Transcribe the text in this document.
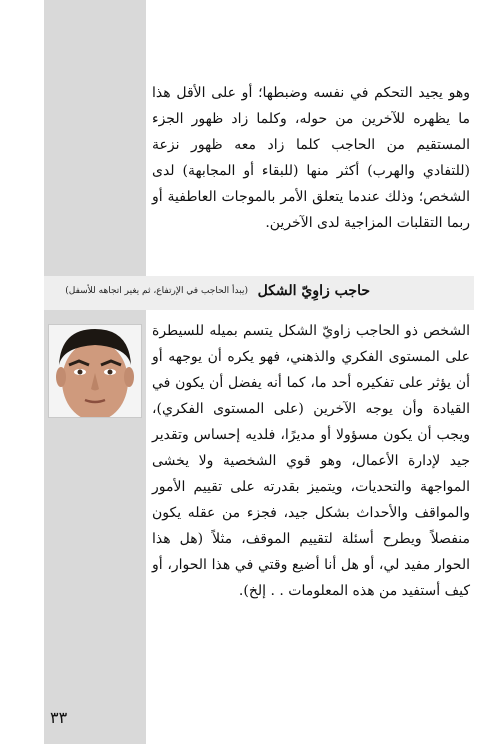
وهو يجيد التحكم في نفسه وضبطها؛ أو على الأقل هذا ما يظهره للآخرين من حوله، وكلما زاد ظهور الجزء المستقيم من الحاجب كلما زاد معه ظهور نزعة (للتفادي والهرب) أكثر منها (للبقاء أو المجابهة) لدى الشخص؛ وذلك عندما يتعلق الأمر بالموجات العاطفية أو ربما التقلبات المزاجية لدى الآخرين.
حاجب زاوِيّ الشكل
(يبدأ الحاجب في الإرتفاع، ثم يغير اتجاهه للأسفل)
الشخص ذو الحاجب زاويّ الشكل يتسم بميله للسيطرة على المستوى الفكري والذهني، فهو يكره أن يوجهه أو أن يؤثر على تفكيره أحد ما، كما أنه يفضل أن يكون في القيادة وأن يوجه الآخرين (على المستوى الفكري)، ويجب أن يكون مسؤولا أو مديرًا، فلديه إحساس وتقدير جيد لإدارة الأعمال، وهو قوي الشخصية ولا يخشى المواجهة والتحديات، ويتميز بقدرته على تقييم الأمور والمواقف والأحداث بشكل جيد، فجزء من عقله يكون منفصلاً ويطرح أسئلة لتقييم الموقف، مثلاً (هل هذا الحوار مفيد لي، أو هل أنا أضيع وقتي في هذا الحوار، أو كيف أستفيد من هذه المعلومات . . إلخ).
٣٣
